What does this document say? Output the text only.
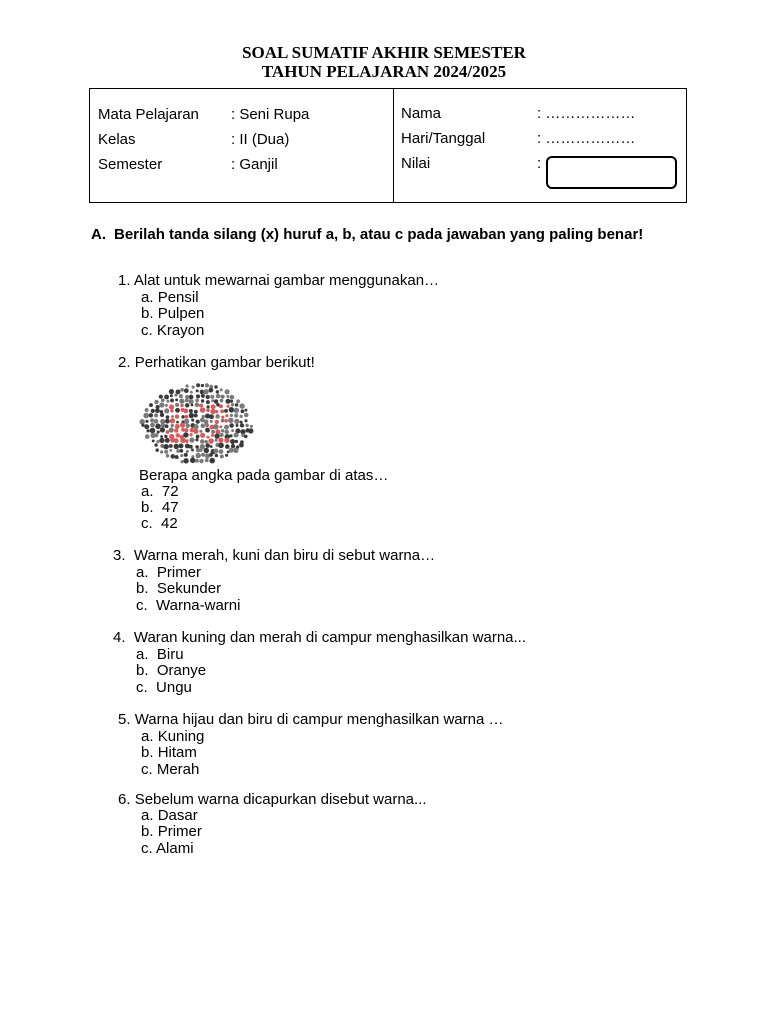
SOAL SUMATIF AKHIR SEMESTER
TAHUN PELAJARAN 2024/2025
Mata Pelajaran : Seni Rupa
Kelas	: II (Dua)
Semester	: Ganjil
Nama	: ………………
Hari/Tanggal	: ………………
Nilai	:
A. Berilah tanda silang (x) huruf a, b, atau c pada jawaban yang paling benar!
1. Alat untuk mewarnai gambar menggunakan…
a. Pensil
b. Pulpen
c. Krayon
2. Perhatikan gambar berikut!
Berapa angka pada gambar di atas…
a. 72
b. 47
c. 42
3. Warna merah, kuni dan biru di sebut warna…
a. Primer
b. Sekunder
c. Warna-warni
4. Waran kuning dan merah di campur menghasilkan warna...
a. Biru
b. Oranye
c. Ungu
5. Warna hijau dan biru di campur menghasilkan warna …
a. Kuning
b. Hitam
c. Merah
6. Sebelum warna dicapurkan disebut warna...
a. Dasar
b. Primer
c. Alami
